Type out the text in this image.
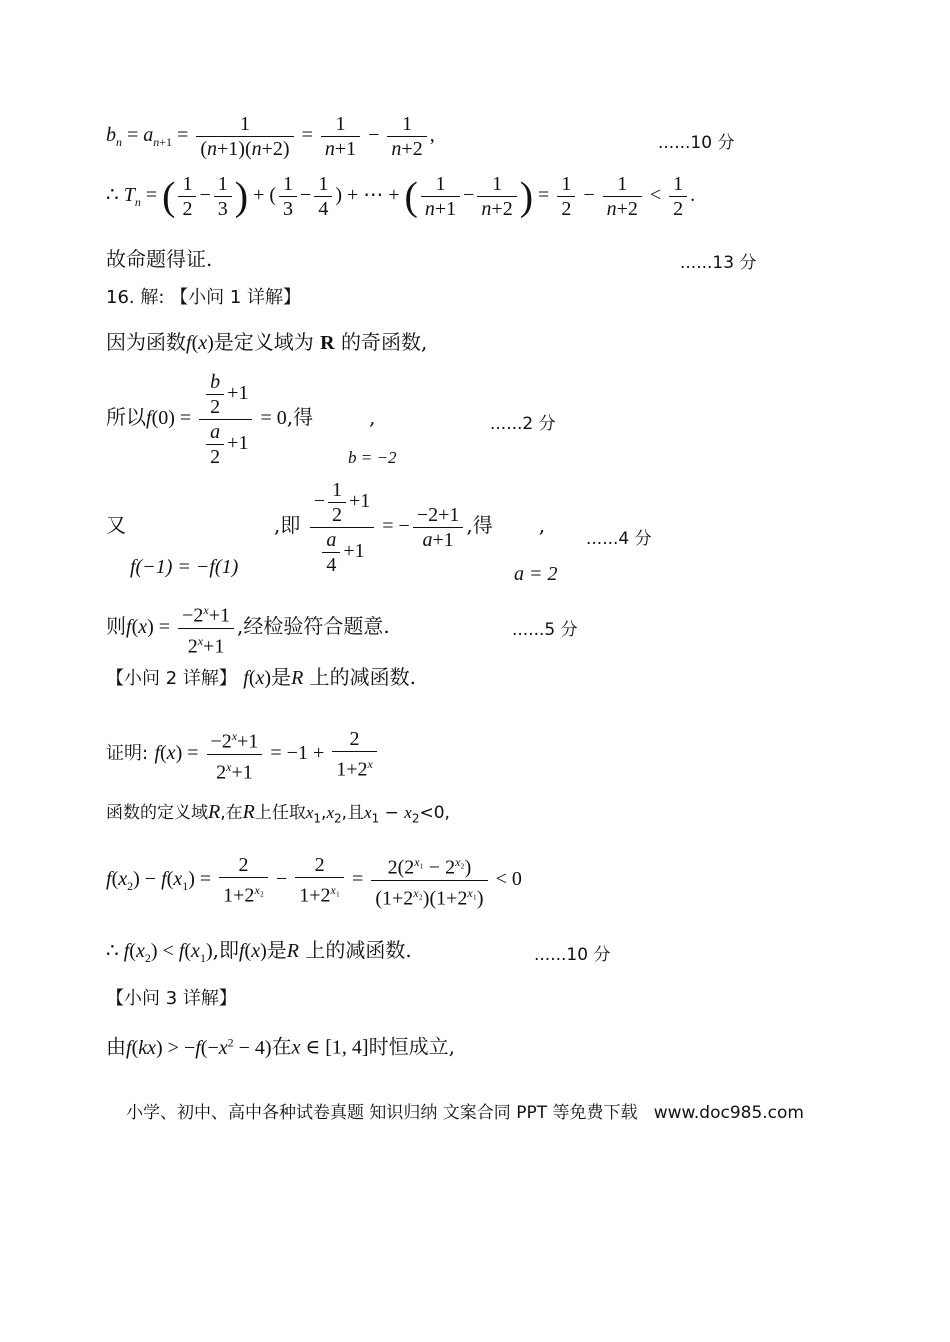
$b_n = a_{n+1} = \frac{1}{(n+1)(n+2)} = \frac{1}{n+1} - \frac{1}{n+2}$ ,	......10 分
∴ $T_n$ = ( $\frac{1}{2} - \frac{1}{3}$ ) + ( $\frac{1}{3} - \frac{1}{4}$ ) + ⋯ + ( $\frac{1}{n+1} - \frac{1}{n+2}$ ) = $\frac{1}{2} - \frac{1}{n+2} < \frac{1}{2}$ .
故命题得证.	......13 分
16. 解: 【小问 1 详解】
因为函数f(x)是定义域为 R 的奇函数,
所以$f(0) = \frac{\frac{b}{2} +1}{\frac{a}{2} +1} = 0$,得	,	......2 分
b = −2
又	,即 $\frac{- \frac{1}{2} +1}{\frac{a}{4} +1}$ = − $\frac{-2+1}{a+1}$ ,得 ,
......4 分
f(−1) = −f(1)	a = 2
则$f(x) = \frac{-2^x+1}{2^x+1}$ ,经检验符合题意.	......5 分
【小问 2 详解】 f(x)是R 上的减函数.
证明: $f(x) = \frac{-2^x+1}{2^x+1} = -1 + \frac{2}{1+2^x}$
函数的定义域R,在R上任取$x_1,x_2$,且$x_1 - x_2<0$,
$f(x_2) - f(x_1) = \frac{2}{1+2^{x_2}} - \frac{2}{1+2^{x_1}} = \frac{2(2^{x_1} - 2^{x_2})}{(1+2^{x_2})(1+2^{x_1})} < 0$
∴ $f(x_2) < f(x_1)$,即f(x)是R 上的减函数.	......10 分
【小问 3 详解】
由$f(kx) > -f(-x^2 - 4)$在x ∈ [1, 4]时恒成立,
小学、初中、高中各种试卷真题 知识归纳 文案合同 PPT 等免费下载 www.doc985.com
